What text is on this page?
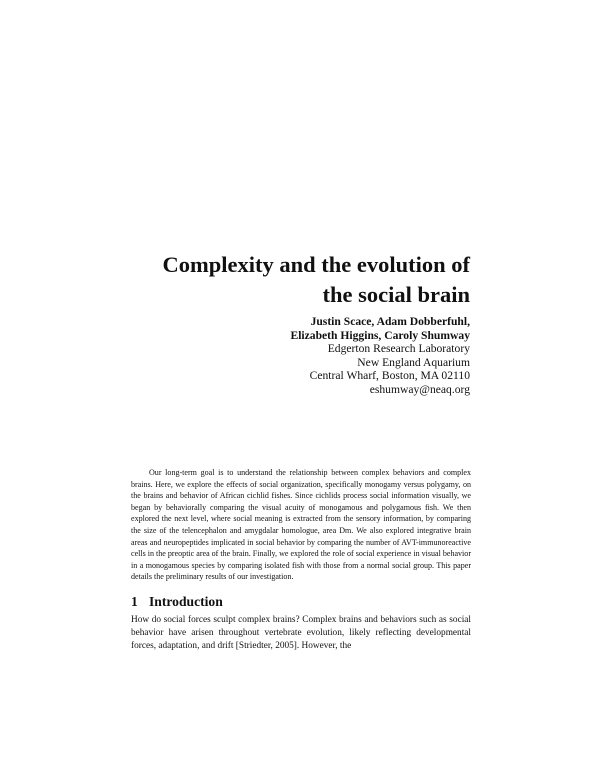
Complexity and the evolution of
the social brain
Justin Scace, Adam Dobberfuhl,
Elizabeth Higgins, Caroly Shumway
Edgerton Research Laboratory
New England Aquarium
Central Wharf, Boston, MA 02110
eshumway@neaq.org

Our long-term goal is to understand the relationship between complex behaviors and complex brains. Here, we explore the effects of social organization, specifically monogamy versus polygamy, on the brains and behavior of African cichlid fishes. Since cichlids process social information visually, we began by behaviorally comparing the visual acuity of monogamous and polygamous fish. We then explored the next level, where social meaning is extracted from the sensory information, by comparing the size of the telencephalon and amygdalar homologue, area Dm. We also explored integrative brain areas and neuropeptides implicated in social behavior by comparing the number of AVT-immunoreactive cells in the preoptic area of the brain. Finally, we explored the role of social experience in visual behavior in a monogamous species by comparing isolated fish with those from a normal social group. This paper details the preliminary results of our investigation.

1 Introduction

How do social forces sculpt complex brains? Complex brains and behaviors such as social behavior have arisen throughout vertebrate evolution, likely reflecting developmental forces, adaptation, and drift [Striedter, 2005]. However, the
